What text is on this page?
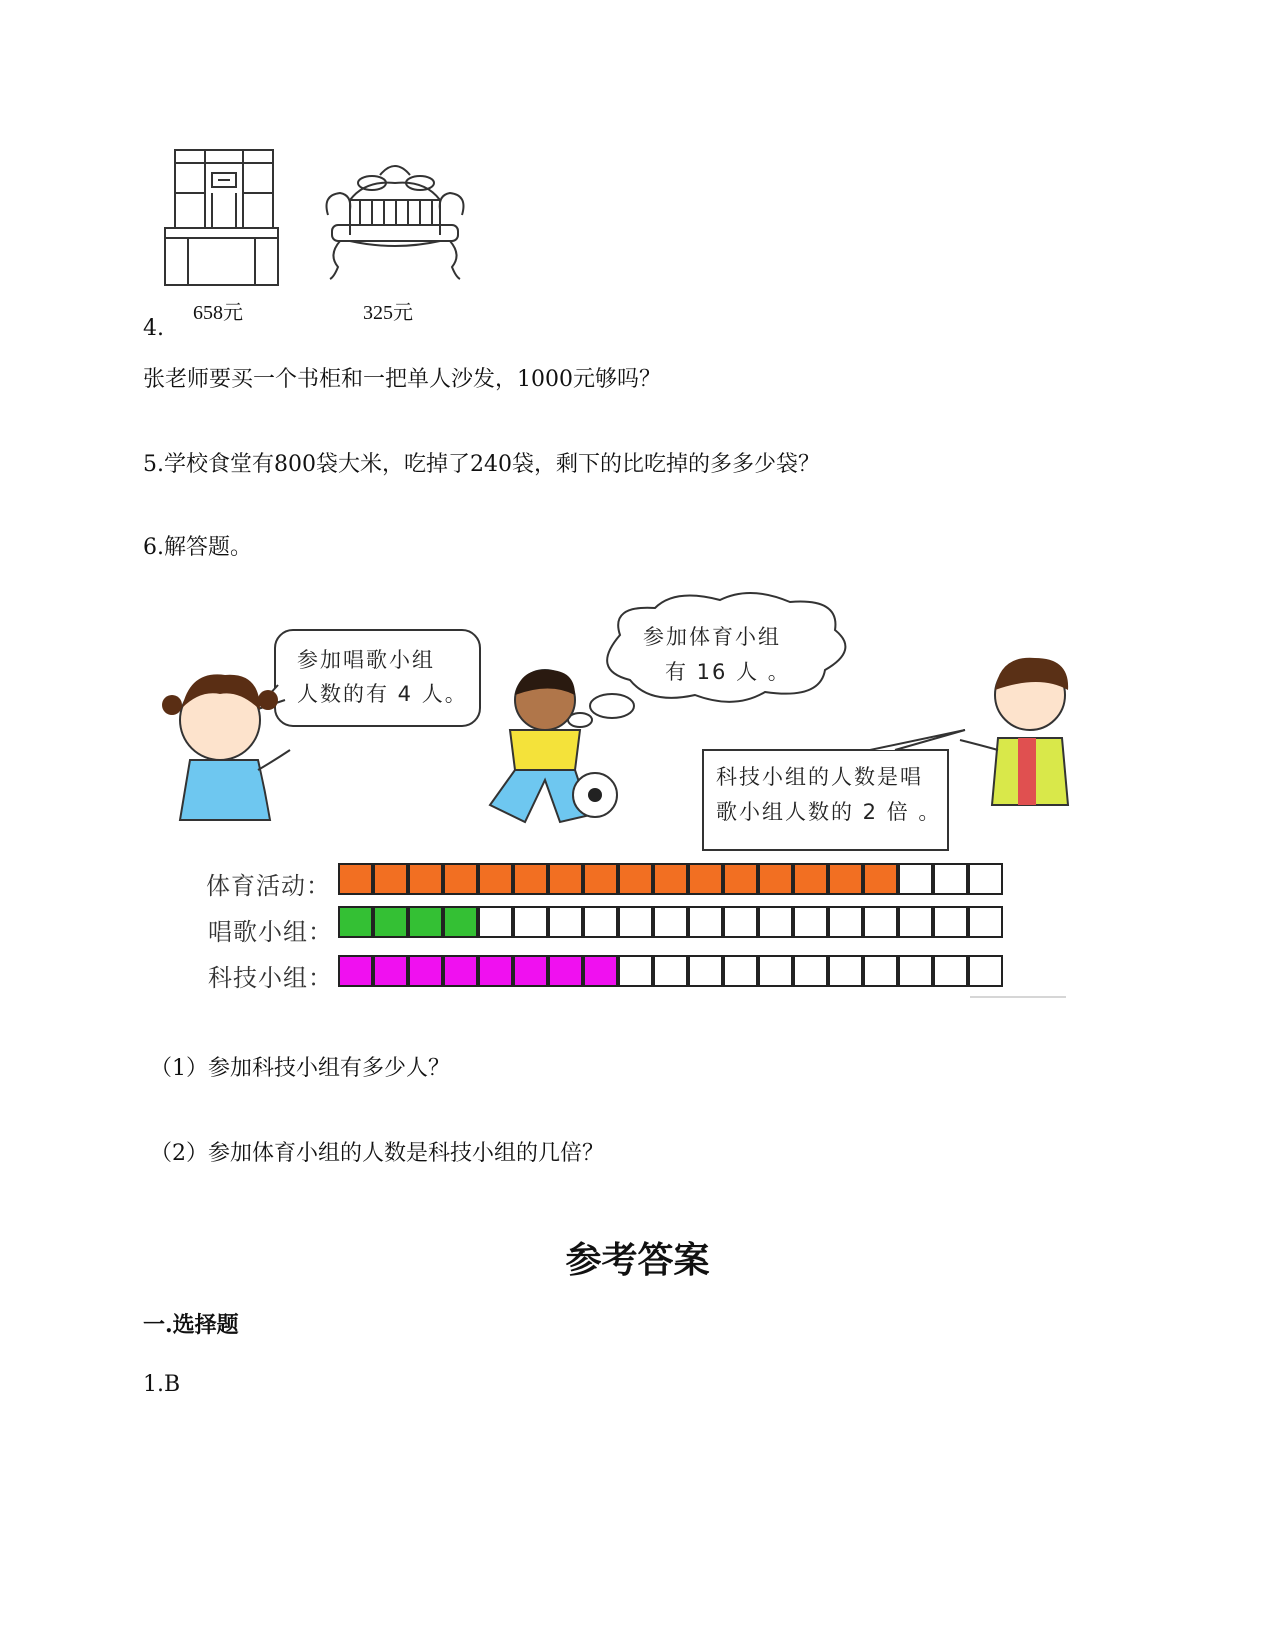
658元	325元
4.
张老师要买一个书柜和一把单人沙发，1000元够吗？
5.学校食堂有800袋大米，吃掉了240袋，剩下的比吃掉的多多少袋？
6.解答题。
参加唱歌小组
人数的有 4 人。
参加体育小组
有 16 人 。
科技小组的人数是唱
歌小组人数的 2 倍 。
体育活动：
唱歌小组：
科技小组：
（1）参加科技小组有多少人？
（2）参加体育小组的人数是科技小组的几倍？
参考答案
一.选择题
1.B
